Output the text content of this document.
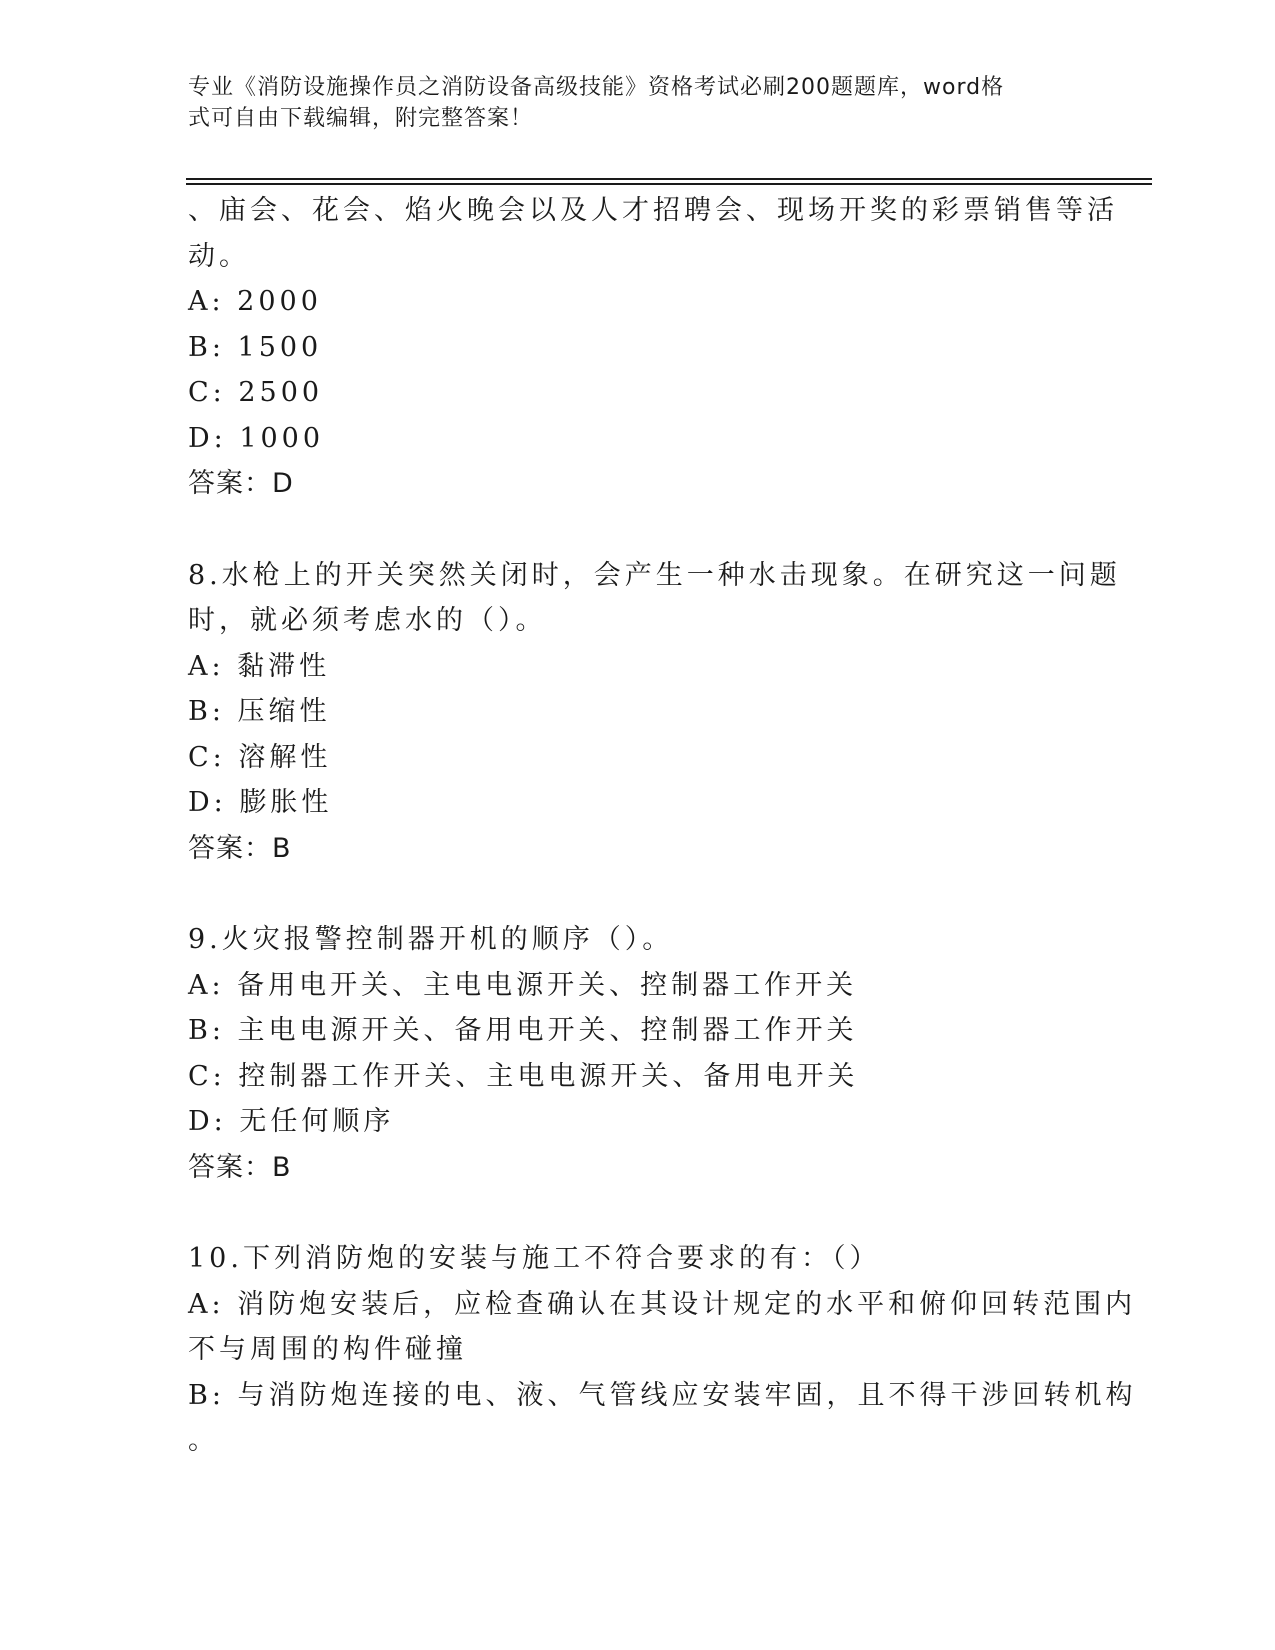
专业《消防设施操作员之消防设备高级技能》资格考试必刷200题题库，word格
式可自由下载编辑，附完整答案！
、庙会、花会、焰火晚会以及人才招聘会、现场开奖的彩票销售等活
动。
A: 2000
B: 1500
C: 2500
D: 1000
答案：D
8.水枪上的开关突然关闭时，会产生一种水击现象。在研究这一问题
时，就必须考虑水的（）。
A: 黏滞性
B: 压缩性
C: 溶解性
D: 膨胀性
答案：B
9.火灾报警控制器开机的顺序（）。
A: 备用电开关、主电电源开关、控制器工作开关
B: 主电电源开关、备用电开关、控制器工作开关
C: 控制器工作开关、主电电源开关、备用电开关
D: 无任何顺序
答案：B
10.下列消防炮的安装与施工不符合要求的有：（）
A: 消防炮安装后，应检查确认在其设计规定的水平和俯仰回转范围内
不与周围的构件碰撞
B: 与消防炮连接的电、液、气管线应安装牢固，且不得干涉回转机构
。
